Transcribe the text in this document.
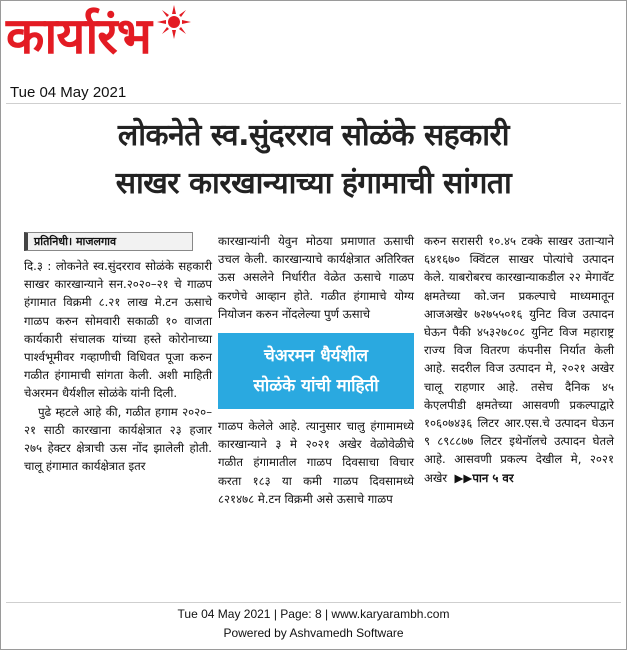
कार्यारंभ
Tue 04 May 2021
लोकनेते स्व.सुंदरराव सोळंके सहकारी
साखर कारखान्याच्या हंगामाची सांगता
प्रतिनिधी। माजलगाव

दि.३ : लोकनेते स्व.सुंदरराव सोळंके सहकारी साखर कारखान्याने सन.२०२०–२१ चे गाळप हंगामात विक्रमी ८.२१ लाख मे.टन ऊसाचे गाळप करुन सोमवारी सकाळी १० वाजता कार्यकारी संचालक यांच्या हस्ते कोरोनाच्या पार्श्वभूमीवर गव्हाणीची विधिवत पूजा करुन गळीत हंगामाची सांगता केली. अशी माहिती चेअरमन धैर्यशील सोळंके यांनी दिली.

पुढे म्हटले आहे की, गळीत हगाम २०२०–२१ साठी कारखाना कार्यक्षेत्रात २३ हजार २७५ हेक्टर क्षेत्राची ऊस नोंद झालेली होती. चालू हंगामात कार्यक्षेत्रात इतर

कारखान्यांनी येवुन मोठया प्रमाणात ऊसाची उचल केली. कारखान्याचे कार्यक्षेत्रात अतिरिक्त ऊस असलेने निर्धारीत वेळेत ऊसाचे गाळप करणेचे आव्हान होते. गळीत हंगामाचे योग्य नियोजन करुन नोंदलेल्या पुर्ण ऊसाचे

चेअरमन धैर्यशील
सोळंके यांची माहिती

गाळप केलेले आहे. त्यानुसार चालु हंगामामध्ये कारखान्याने ३ मे २०२१ अखेर वेळोवेळीचे गळीत हंगामातील गाळप दिवसाचा विचार करता १८३ या कमी गाळप दिवसामध्ये ८२१४७८ मे.टन विक्रमी असे ऊसाचे गाळप

करुन सरासरी १०.४५ टक्के साखर उताऱ्याने ६४१६७० क्विंटल साखर पोत्यांचे उत्पादन केले. याबरोबरच कारखान्याकडील २२ मेगावॅट क्षमतेच्या को.जन प्रकल्पाचे माध्यमातून आजअखेर ७२७५५०१६ युनिट विज उत्पादन घेऊन पैकी ४५३२७८०८ युनिट विज महाराष्ट्र राज्य विज वितरण कंपनीस निर्यात केली आहे. सदरील विज उत्पादन मे, २०२१ अखेर चालू राहणार आहे. तसेच दैनिक ४५ केएलपीडी क्षमतेच्या आसवणी प्रकल्पाद्वारे १०६०७४३६ लिटर आर.एस.चे उत्पादन घेऊन ९ ८९८८७७ लिटर इथेनॉलचे उत्पादन घेतले आहे. आसवणी प्रकल्प देखील मे, २०२१ अखेर ▶▶पान ५ वर

Tue 04 May 2021 | Page: 8 | www.karyarambh.com
Powered by Ashvamedh Software
